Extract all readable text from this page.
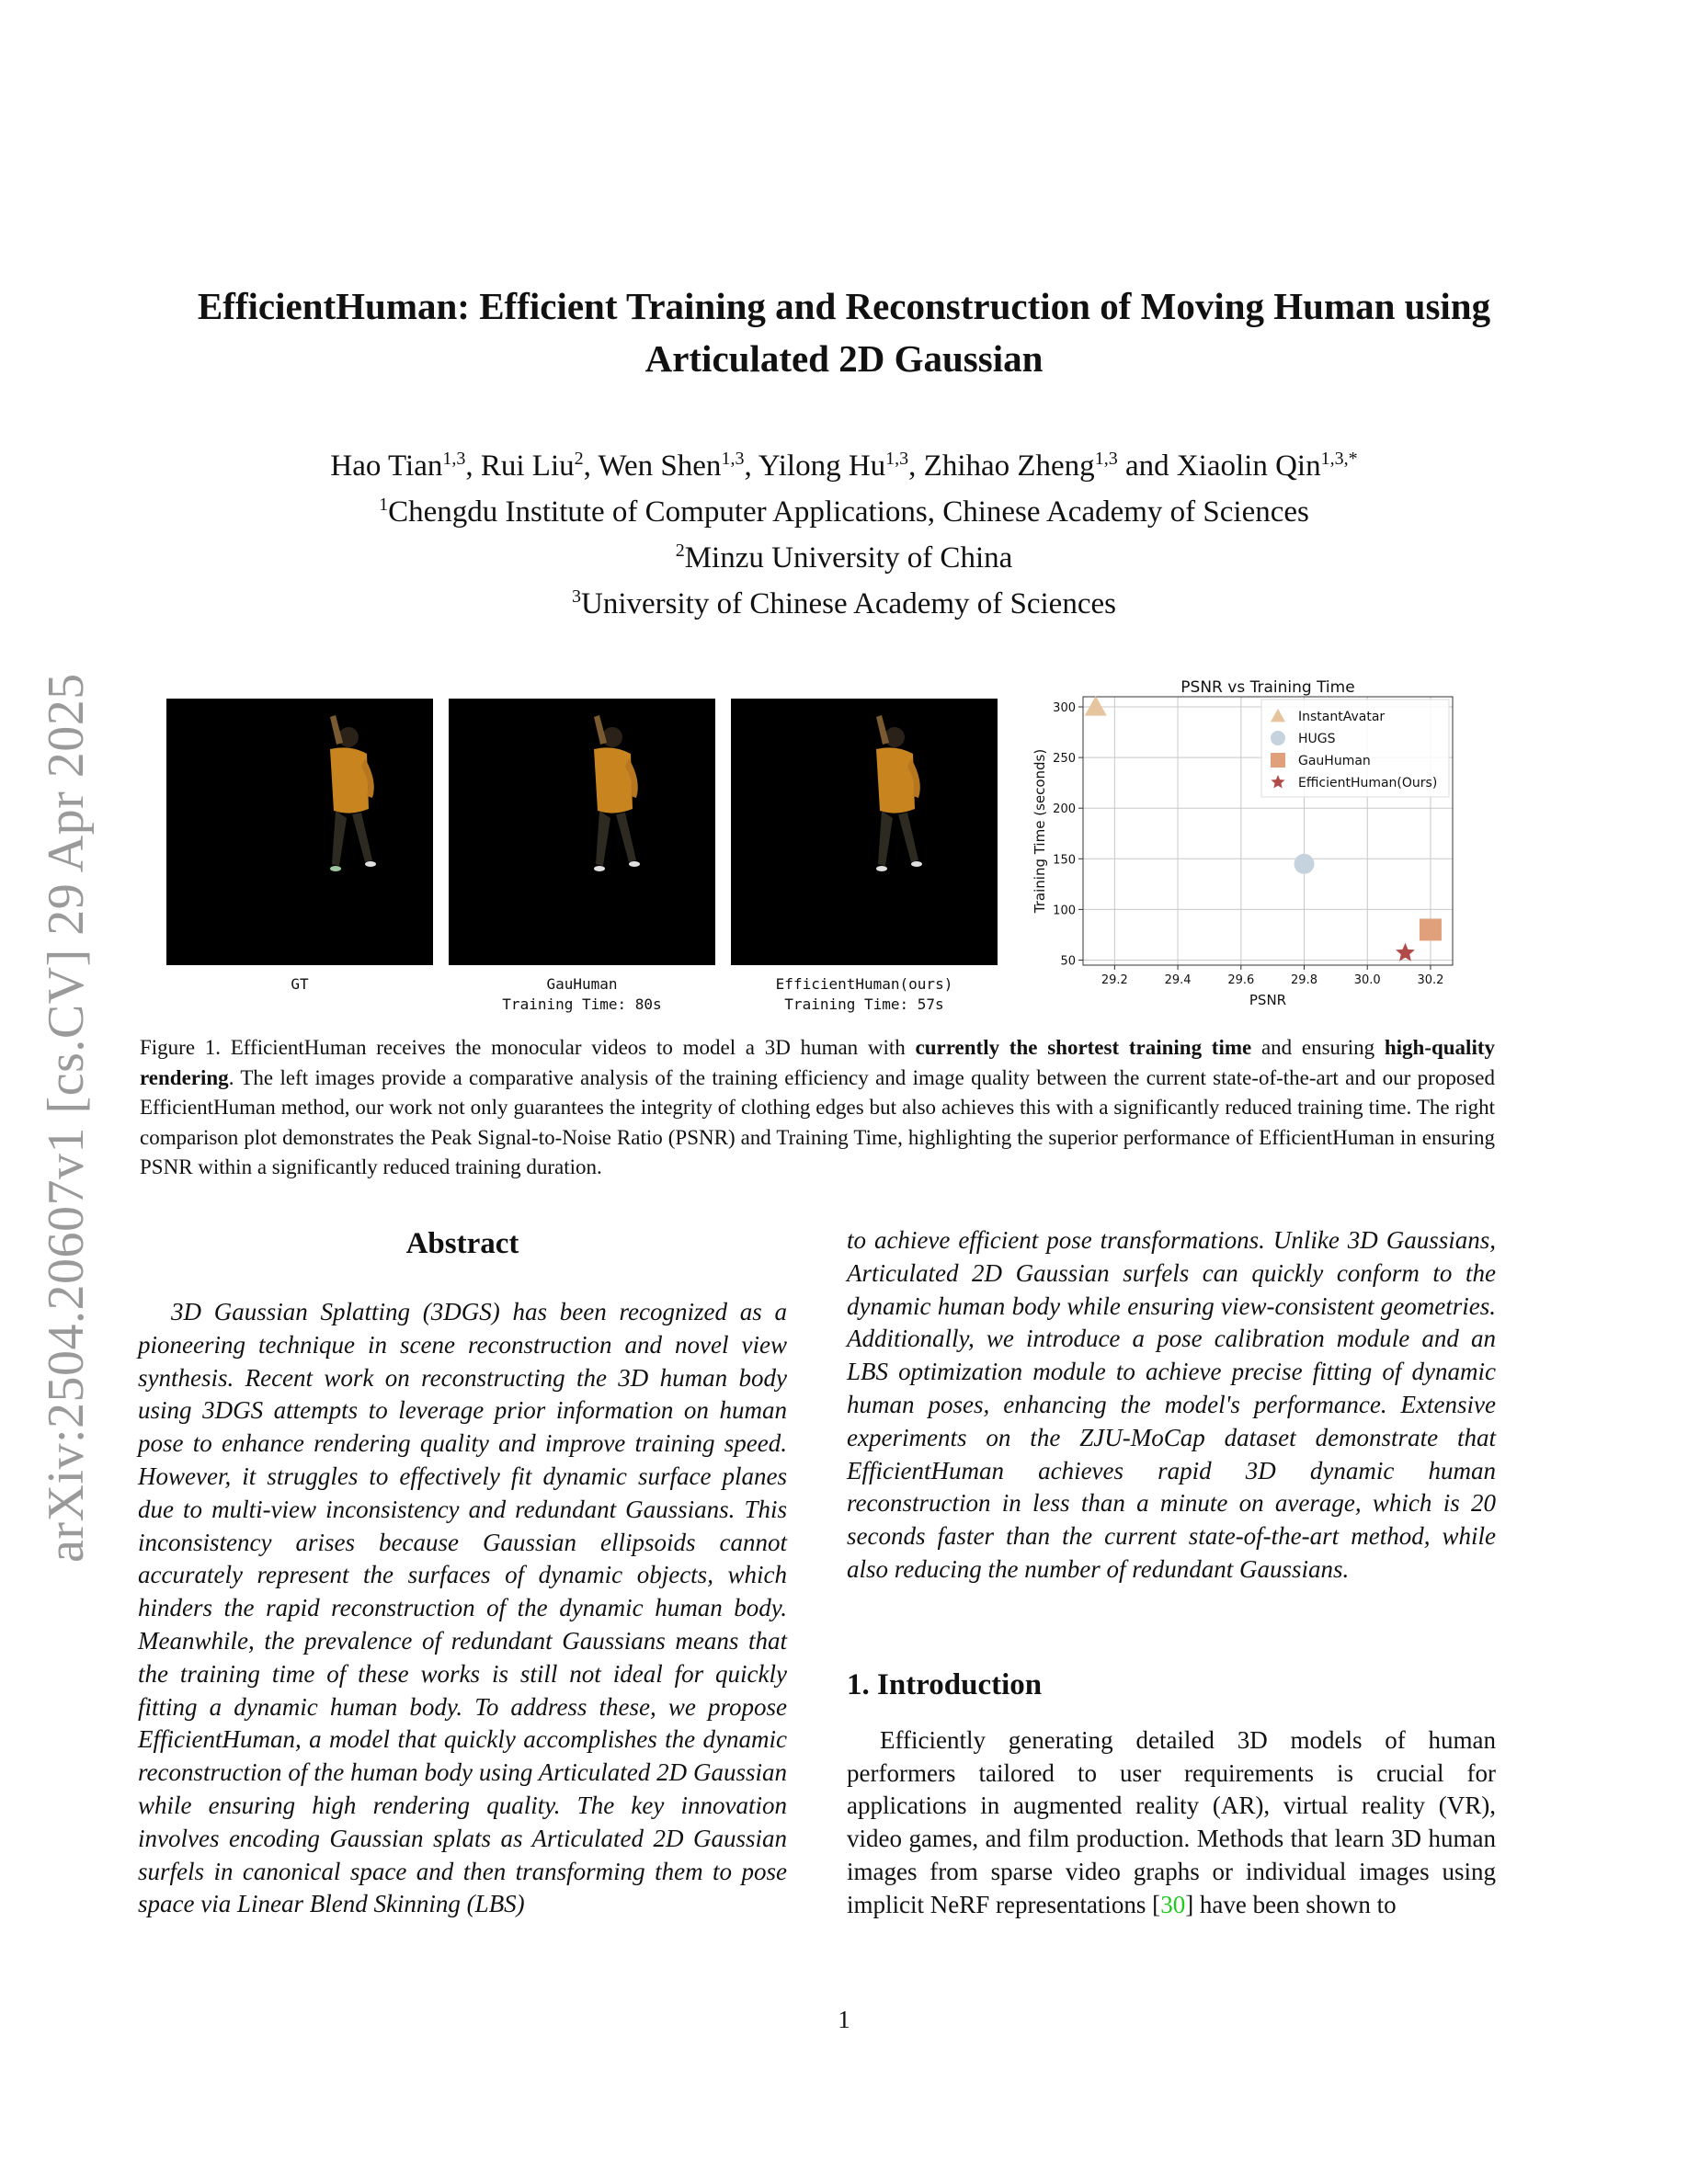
arXiv:2504.20607v1 [cs.CV] 29 Apr 2025
EfficientHuman: Efficient Training and Reconstruction of Moving Human using
Articulated 2D Gaussian
Hao Tian$^{1,3}$, Rui Liu$^2$, Wen Shen$^{1,3}$, Yilong Hu$^{1,3}$, Zhihao Zheng$^{1,3}$ and Xiaolin Qin$^{1,3,*}$
$^1$Chengdu Institute of Computer Applications, Chinese Academy of Sciences
$^2$Minzu University of China
$^3$University of Chinese Academy of Sciences
GT	GauHuman
Training Time: 80s
EfficientHuman(ours)
Training Time: 57s
PSNR vs Training Time
29.2	29.4	29.6	29.8	30.0	30.2
50
100
150
200
250
300
PSNR
Training Time (seconds)
InstantAvatar
HUGS
GauHuman
EfficientHuman(Ours)
Figure 1. EfficientHuman receives the monocular videos to model a 3D human with currently the shortest training time and ensuring high-quality rendering. The left images provide a comparative analysis of the training efficiency and image quality between the current state-of-the-art and our proposed EfficientHuman method, our work not only guarantees the integrity of clothing edges but also achieves this with a significantly reduced training time. The right comparison plot demonstrates the Peak Signal-to-Noise Ratio (PSNR) and Training Time, highlighting the superior performance of EfficientHuman in ensuring PSNR within a significantly reduced training duration.
Abstract

3D Gaussian Splatting (3DGS) has been recognized as a pioneering technique in scene reconstruction and novel view synthesis. Recent work on reconstructing the 3D human body using 3DGS attempts to leverage prior information on human pose to enhance rendering quality and improve training speed. However, it struggles to effectively fit dynamic surface planes due to multi-view inconsistency and redundant Gaussians. This inconsistency arises because Gaussian ellipsoids cannot accurately represent the surfaces of dynamic objects, which hinders the rapid reconstruction of the dynamic human body. Meanwhile, the prevalence of redundant Gaussians means that the training time of these works is still not ideal for quickly fitting a dynamic human body. To address these, we propose EfficientHuman, a model that quickly accomplishes the dynamic reconstruction of the human body using Articulated 2D Gaussian while ensuring high rendering quality. The key innovation involves encoding Gaussian splats as Articulated 2D Gaussian surfels in canonical space and then transforming them to pose space via Linear Blend Skinning (LBS)

to achieve efficient pose transformations. Unlike 3D Gaussians, Articulated 2D Gaussian surfels can quickly conform to the dynamic human body while ensuring view-consistent geometries. Additionally, we introduce a pose calibration module and an LBS optimization module to achieve precise fitting of dynamic human poses, enhancing the model's performance. Extensive experiments on the ZJU-MoCap dataset demonstrate that EfficientHuman achieves rapid 3D dynamic human reconstruction in less than a minute on average, which is 20 seconds faster than the current state-of-the-art method, while also reducing the number of redundant Gaussians.

1. Introduction

Efficiently generating detailed 3D models of human performers tailored to user requirements is crucial for applications in augmented reality (AR), virtual reality (VR), video games, and film production. Methods that learn 3D human images from sparse video graphs or individual images using implicit NeRF representations [30] have been shown to

1
